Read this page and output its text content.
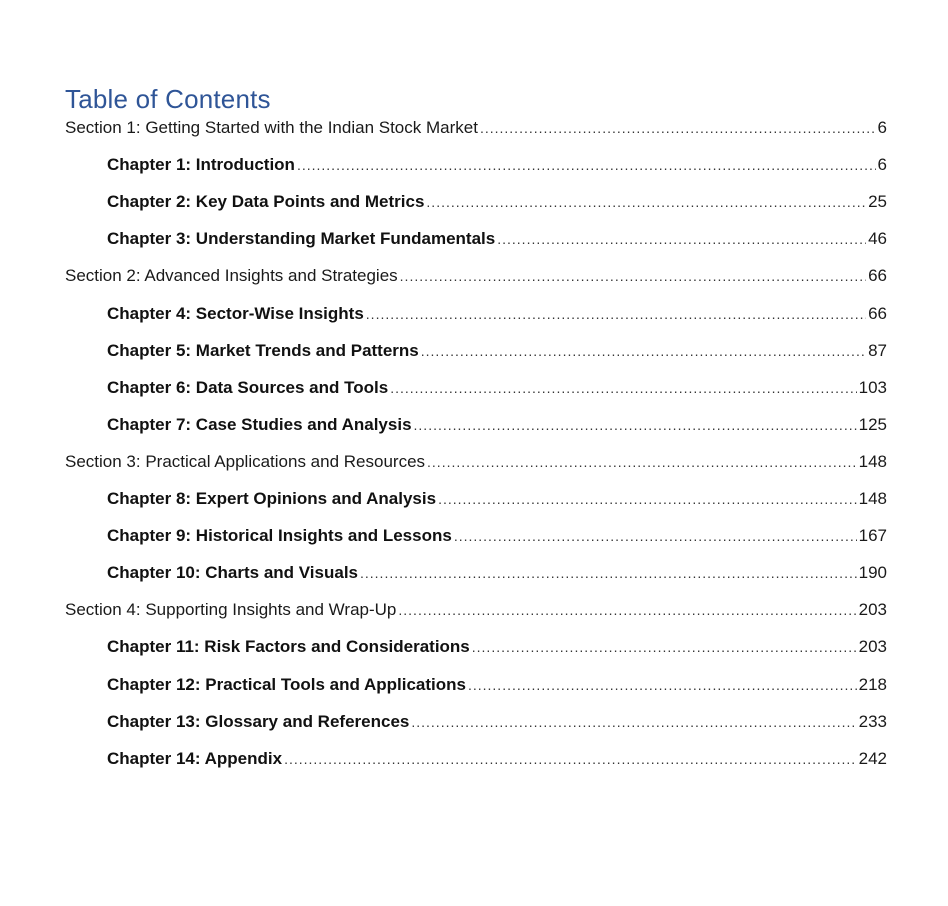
Table of Contents
Section 1: Getting Started with the Indian Stock Market .....	6
Chapter 1: Introduction .....	6
Chapter 2: Key Data Points and Metrics .....	25
Chapter 3: Understanding Market Fundamentals .....	46
Section 2: Advanced Insights and Strategies .....	66
Chapter 4: Sector-Wise Insights .....	66
Chapter 5: Market Trends and Patterns .....	87
Chapter 6: Data Sources and Tools .....	103
Chapter 7: Case Studies and Analysis .....	125
Section 3: Practical Applications and Resources .....	148
Chapter 8: Expert Opinions and Analysis .....	148
Chapter 9: Historical Insights and Lessons .....	167
Chapter 10: Charts and Visuals .....	190
Section 4: Supporting Insights and Wrap-Up .....	203
Chapter 11: Risk Factors and Considerations .....	203
Chapter 12: Practical Tools and Applications .....	218
Chapter 13: Glossary and References .....	233
Chapter 14: Appendix .....	242
